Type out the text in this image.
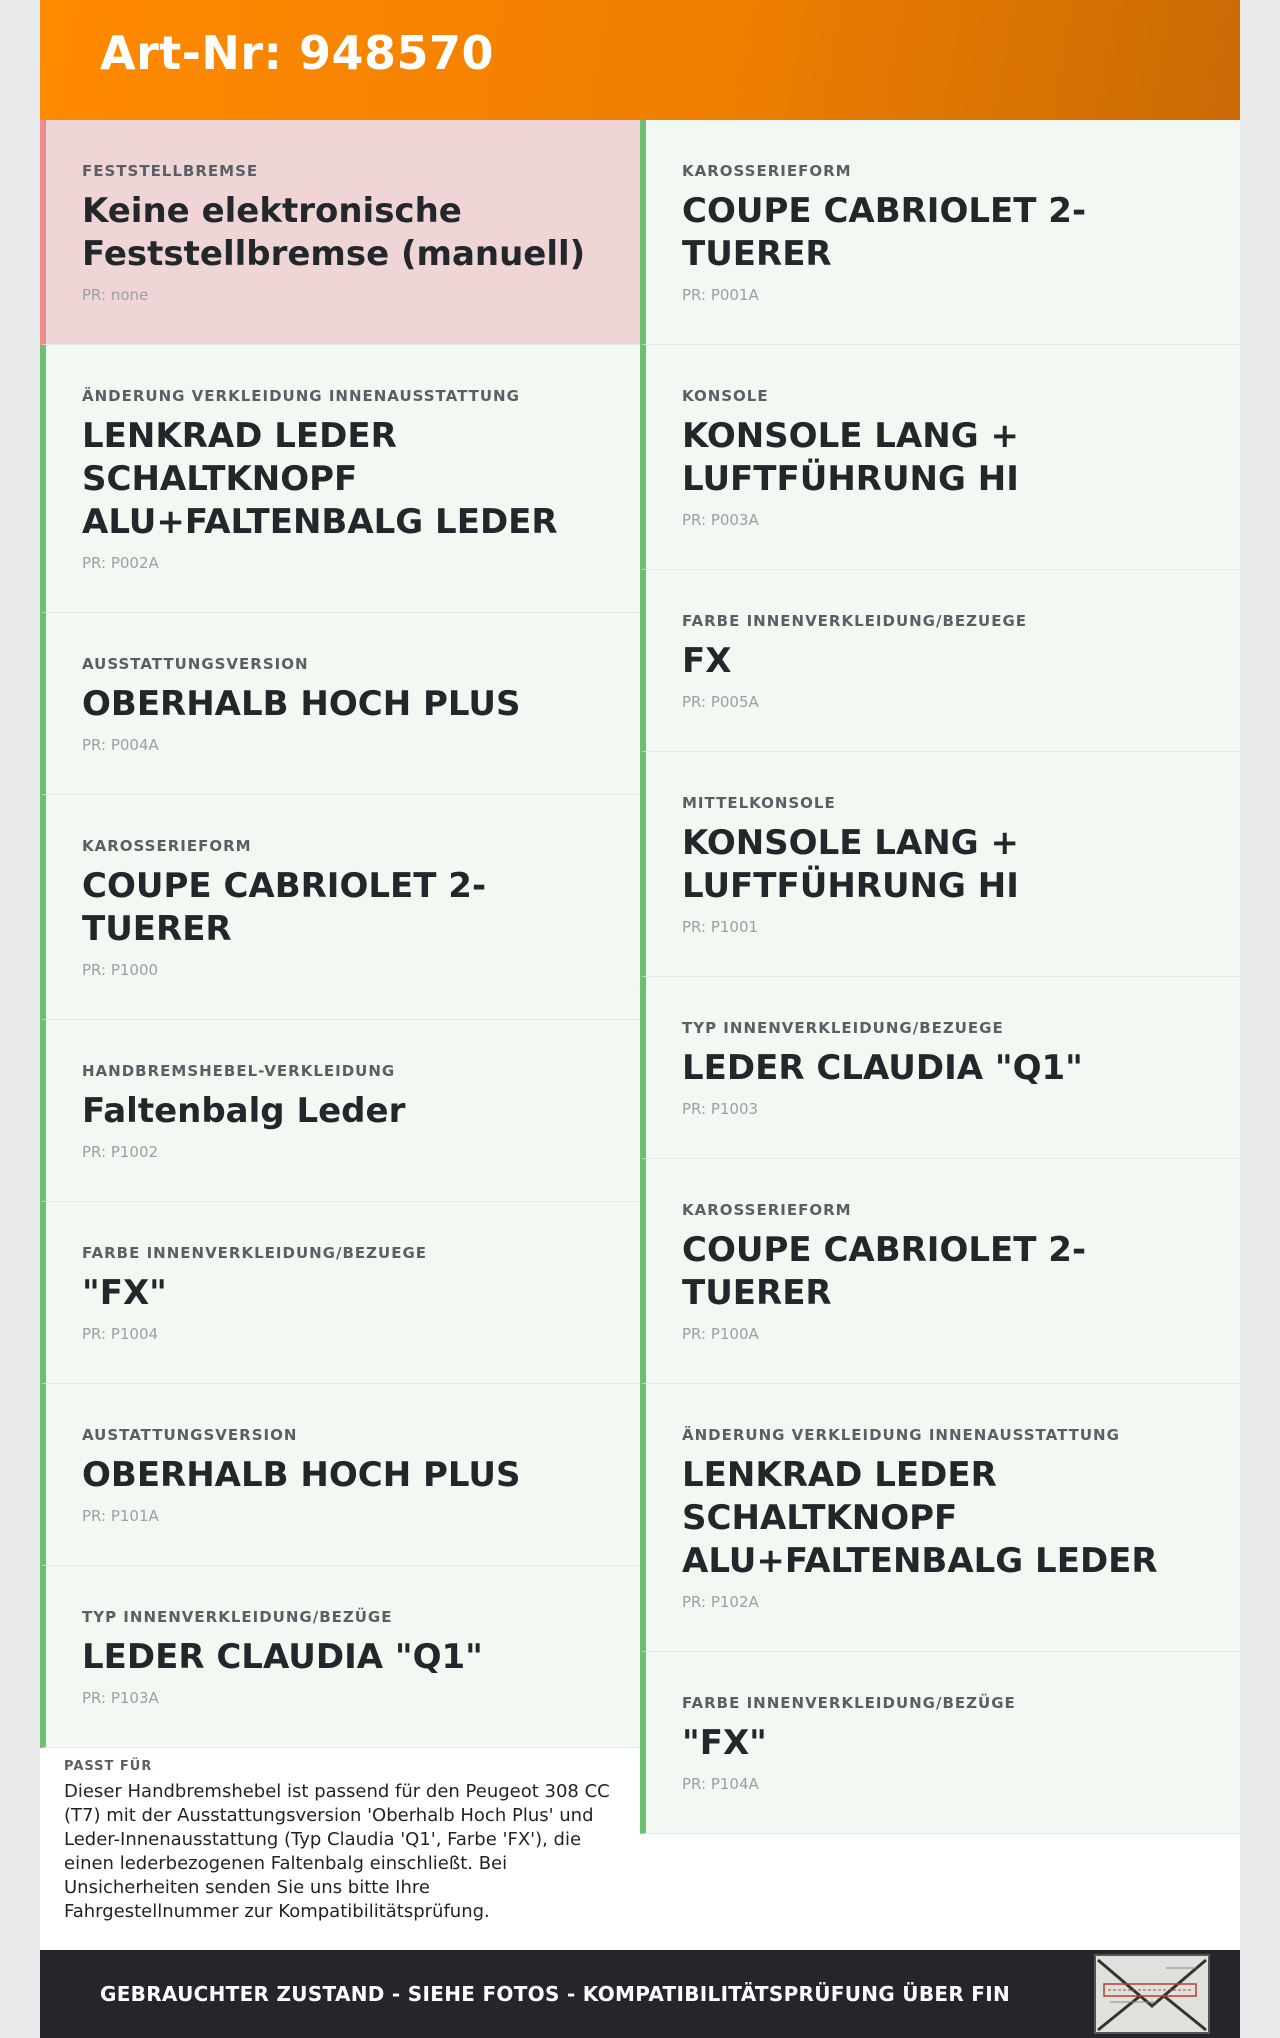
Art-Nr: 948570
FESTSTELLBREMSE
Keine elektronische Feststellbremse (manuell)
PR: none
ÄNDERUNG VERKLEIDUNG INNENAUSSTATTUNG
LENKRAD LEDER SCHALTKNOPF ALU+FALTENBALG LEDER
PR: P002A
AUSSTATTUNGSVERSION
OBERHALB HOCH PLUS
PR: P004A
KAROSSERIEFORM
COUPE CABRIOLET 2-TUERER
PR: P1000
HANDBREMSHEBEL-VERKLEIDUNG
Faltenbalg Leder
PR: P1002
FARBE INNENVERKLEIDUNG/BEZUEGE
"FX"
PR: P1004
AUSTATTUNGSVERSION
OBERHALB HOCH PLUS
PR: P101A
TYP INNENVERKLEIDUNG/BEZÜGE
LEDER CLAUDIA "Q1"
PR: P103A
KAROSSERIEFORM
COUPE CABRIOLET 2-TUERER
PR: P001A
KONSOLE
KONSOLE LANG + LUFTFÜHRUNG HI
PR: P003A
FARBE INNENVERKLEIDUNG/BEZUEGE
FX
PR: P005A
MITTELKONSOLE
KONSOLE LANG + LUFTFÜHRUNG HI
PR: P1001
TYP INNENVERKLEIDUNG/BEZUEGE
LEDER CLAUDIA "Q1"
PR: P1003
KAROSSERIEFORM
COUPE CABRIOLET 2-TUERER
PR: P100A
ÄNDERUNG VERKLEIDUNG INNENAUSSTATTUNG
LENKRAD LEDER SCHALTKNOPF ALU+FALTENBALG LEDER
PR: P102A
FARBE INNENVERKLEIDUNG/BEZÜGE
"FX"
PR: P104A
PASST FÜR
Dieser Handbremshebel ist passend für den Peugeot 308 CC (T7) mit der Ausstattungsversion 'Oberhalb Hoch Plus' und Leder-Innenausstattung (Typ Claudia 'Q1', Farbe 'FX'), die einen lederbezogenen Faltenbalg einschließt. Bei Unsicherheiten senden Sie uns bitte Ihre Fahrgestellnummer zur Kompatibilitätsprüfung.
GEBRAUCHTER ZUSTAND - SIEHE FOTOS - KOMPATIBILITÄTSPRÜFUNG ÜBER FIN
